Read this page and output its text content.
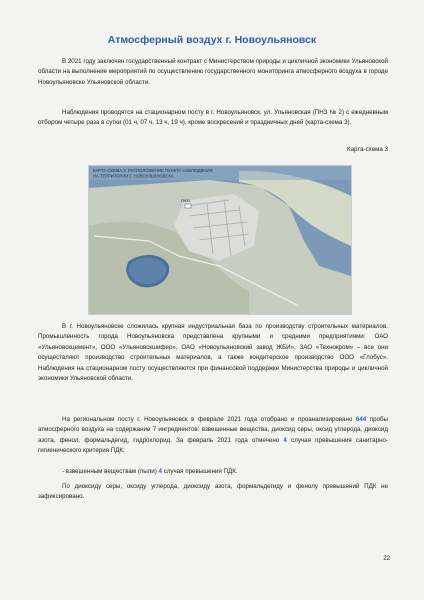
Атмосферный воздух г. Новоульяновск
В 2021 году заключен государственный контракт с Министерством природы и цикличной экономики Ульяновской области на выполнение мероприятий по осуществлению государственного мониторинга атмосферного воздуха в городе Новоульяновске Ульяновской области.
Наблюдения проводятся на стационарном посту в г. Новоульяновск, ул. Ульяновская (ПНЗ № 2) с ежедневным отбором четыре раза в сутки (01 ч, 07 ч, 13 ч, 19 ч), кроме воскресений и праздничных дней (карта-схема 3).
Карта-схема 3
КАРТА-СХЕМА 3. РАСПОЛОЖЕНИЕ ПУНКТА НАБЛЮДЕНИЯ
НА ТЕРРИТОРИИ Г. НОВОУЛЬЯНОВСКА
ПНЗ2
В г. Новоульяновске сложилась крупная индустриальная база по производству строительных материалов. Промышленность города Новоульяновска представлена крупными и средними предприятиями: ОАО «Ульяновскцемент», ООО «Ульяновскшифер», ОАО «Новоульяновский завод ЖБИ», ЗАО «Технокром» – все они осуществляют производство строительных материалов, а также кондитерское производство ООО «Глобус». Наблюдения на стационарном посту осуществляются при финансовой поддержке Министерства природы и цикличной экономики Ульяновской области.
На региональном посту г. Новоульяновск в феврале 2021 года отобрано и проанализировано 644 пробы атмосферного воздуха на содержание 7 ингредиентов: взвешенные вещества, диоксид серы, оксид углерода, диоксид азота, фенол, формальдегид, гидрохлорид. За февраль 2021 года отмечено 4 случая превышения санитарно-гигиенического критерия ПДК;
- взвешенным веществам (пыли) 4 случая превышения ПДК.
По диоксиду серы, оксиду углерода, диоксиду азота, формальдегиду и фенолу превышений ПДК не зафиксировано.
22
